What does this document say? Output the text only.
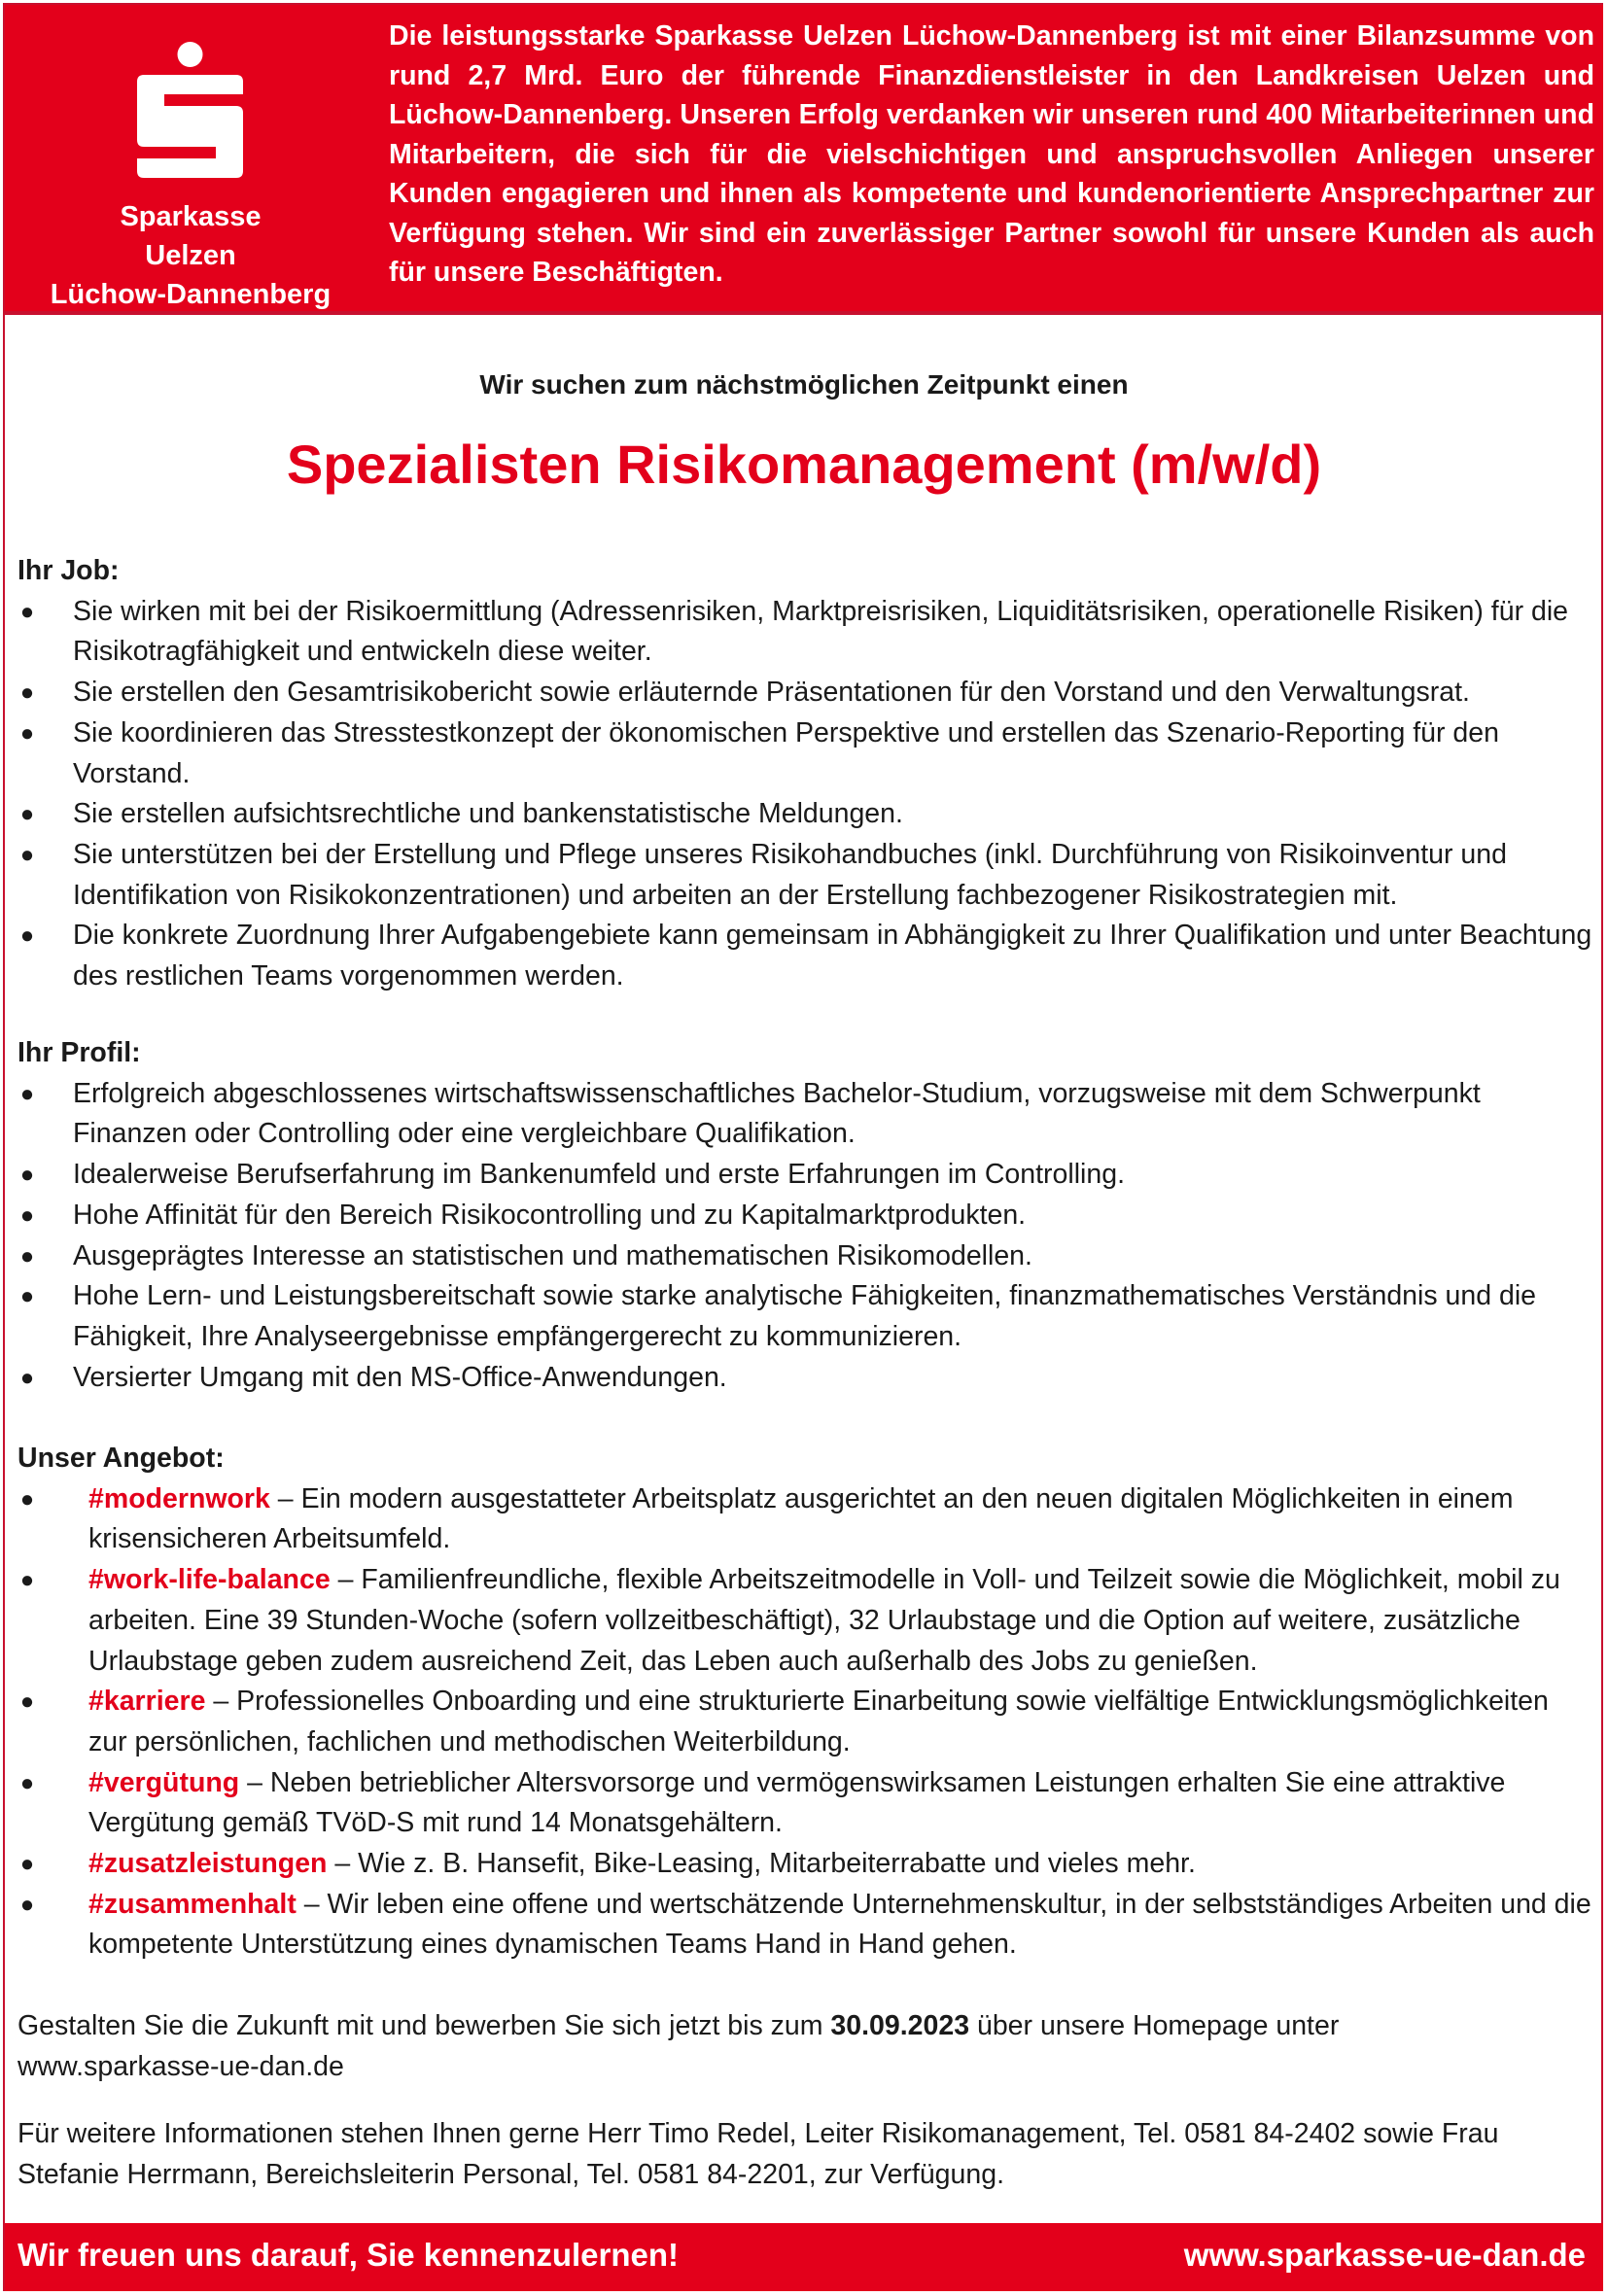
Sparkasse
Uelzen
Lüchow-Dannenberg
Die leistungsstarke Sparkasse Uelzen Lüchow-Dannenberg ist mit einer Bilanzsumme von rund 2,7 Mrd. Euro der führende Finanzdienstleister in den Landkreisen Uelzen und Lüchow-Dannenberg. Unseren Erfolg verdanken wir unseren rund 400 Mitarbeiterinnen und Mitarbeitern, die sich für die vielschichtigen und anspruchsvollen Anliegen unserer Kunden engagieren und ihnen als kompetente und kundenorientierte Ansprechpartner zur Verfügung stehen. Wir sind ein zuverlässiger Partner sowohl für unsere Kunden als auch für unsere Beschäftigten.
Wir suchen zum nächstmöglichen Zeitpunkt einen
Spezialisten Risikomanagement (m/w/d)

Ihr Job:

● Sie wirken mit bei der Risikoermittlung (Adressenrisiken, Marktpreisrisiken, Liquiditätsrisiken, operationelle Risiken) für die Risikotragfähigkeit und entwickeln diese weiter.
● Sie erstellen den Gesamtrisikobericht sowie erläuternde Präsentationen für den Vorstand und den Verwaltungsrat.
● Sie koordinieren das Stresstestkonzept der ökonomischen Perspektive und erstellen das Szenario-Reporting für den Vorstand.
● Sie erstellen aufsichtsrechtliche und bankenstatistische Meldungen.
● Sie unterstützen bei der Erstellung und Pflege unseres Risikohandbuches (inkl. Durchführung von Risikoinventur und Identifikation von Risikokonzentrationen) und arbeiten an der Erstellung fachbezogener Risikostrategien mit.
● Die konkrete Zuordnung Ihrer Aufgabengebiete kann gemeinsam in Abhängigkeit zu Ihrer Qualifikation und unter Beachtung des restlichen Teams vorgenommen werden.

Ihr Profil:

● Erfolgreich abgeschlossenes wirtschaftswissenschaftliches Bachelor-Studium, vorzugsweise mit dem Schwerpunkt Finanzen oder Controlling oder eine vergleichbare Qualifikation.
● Idealerweise Berufserfahrung im Bankenumfeld und erste Erfahrungen im Controlling.
● Hohe Affinität für den Bereich Risikocontrolling und zu Kapitalmarktprodukten.
● Ausgeprägtes Interesse an statistischen und mathematischen Risikomodellen.
● Hohe Lern- und Leistungsbereitschaft sowie starke analytische Fähigkeiten, finanzmathematisches Verständnis und die Fähigkeit, Ihre Analyseergebnisse empfängergerecht zu kommunizieren.
● Versierter Umgang mit den MS-Office-Anwendungen.

Unser Angebot:

● #modernwork – Ein modern ausgestatteter Arbeitsplatz ausgerichtet an den neuen digitalen Möglichkeiten in einem krisensicheren Arbeitsumfeld.
● #work-life-balance – Familienfreundliche, flexible Arbeitszeitmodelle in Voll- und Teilzeit sowie die Möglichkeit, mobil zu arbeiten. Eine 39 Stunden-Woche (sofern vollzeitbeschäftigt), 32 Urlaubstage und die Option auf weitere, zusätzliche Urlaubstage geben zudem ausreichend Zeit, das Leben auch außerhalb des Jobs zu genießen.
● #karriere – Professionelles Onboarding und eine strukturierte Einarbeitung sowie vielfältige Entwicklungsmöglichkeiten zur persönlichen, fachlichen und methodischen Weiterbildung.
● #vergütung – Neben betrieblicher Altersvorsorge und vermögenswirksamen Leistungen erhalten Sie eine attraktive Vergütung gemäß TVöD-S mit rund 14 Monatsgehältern.
● #zusatzleistungen – Wie z. B. Hansefit, Bike-Leasing, Mitarbeiterrabatte und vieles mehr.
● #zusammenhalt – Wir leben eine offene und wertschätzende Unternehmenskultur, in der selbstständiges Arbeiten und die kompetente Unterstützung eines dynamischen Teams Hand in Hand gehen.
Gestalten Sie die Zukunft mit und bewerben Sie sich jetzt bis zum 30.09.2023 über unsere Homepage unter
www.sparkasse-ue-dan.de
Für weitere Informationen stehen Ihnen gerne Herr Timo Redel, Leiter Risikomanagement, Tel. 0581 84-2402 sowie Frau Stefanie Herrmann, Bereichsleiterin Personal, Tel. 0581 84-2201, zur Verfügung.
Wir freuen uns darauf, Sie kennenzulernen!	www.sparkasse-ue-dan.de
